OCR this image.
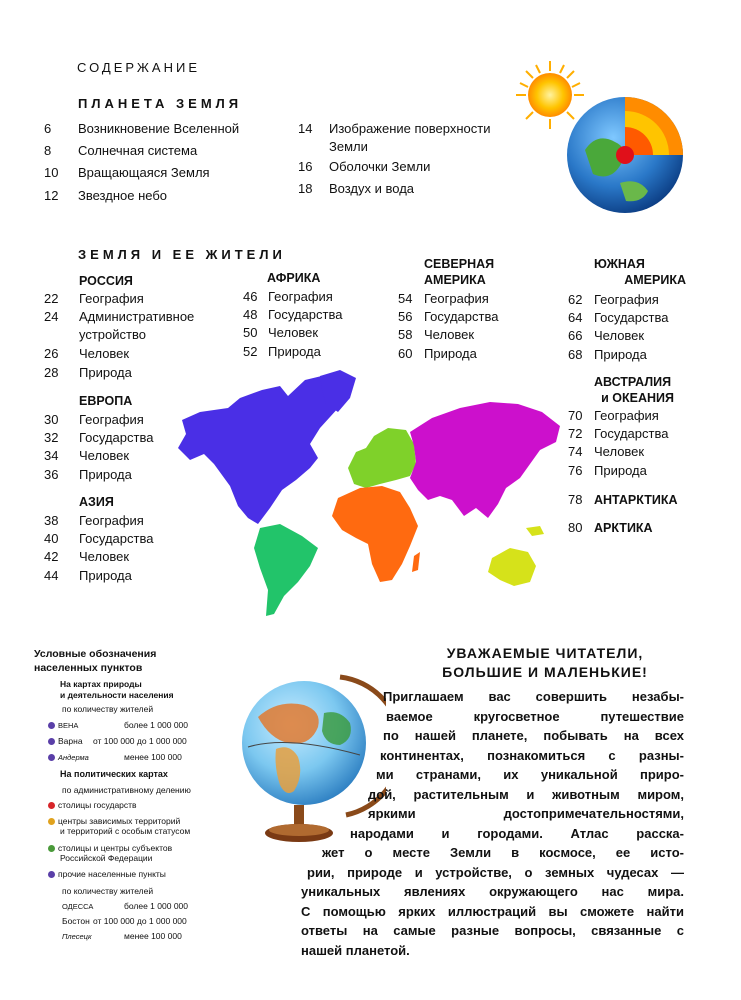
СОДЕРЖАНИЕ
ПЛАНЕТА ЗЕМЛЯ
6 Возникновение Вселенной
8 Солнечная система
10 Вращающаяся Земля
12 Звездное небо
14 Изображение поверхности
Земли
16 Оболочки Земли
18 Воздух и вода
ЗЕМЛЯ И ЕЕ ЖИТЕЛИ
РОССИЯ
22 География
24 Административное
устройство
26 Человек
28 Природа
ЕВРОПА
30 География
32 Государства
34 Человек
36 Природа
АЗИЯ
38 География
40 Государства
42 Человек
44 Природа
АФРИКА
46 География
48 Государства
50 Человек
52 Природа
СЕВЕРНАЯ
АМЕРИКА
54 География
56 Государства
58 Человек
60 Природа
ЮЖНАЯ
АМЕРИКА
62 География
64 Государства
66 Человек
68 Природа
АВСТРАЛИЯ
и ОКЕАНИЯ
70 География
72 Государства
74 Человек
76 Природа
78 АНТАРКТИКА
80 АРКТИКА
Условные обозначения
населенных пунктов
На картах природы
и деятельности населения
по количеству жителей
ВЕНА	более 1 000 000
Варна от 100 000 до 1 000 000
Андерма	менее 100 000
На политических картах
по административному делению
столицы государств
центры зависимых территорий
и территорий с особым статусом
столицы и центры субъектов
Российской Федерации
прочие населенные пункты
по количеству жителей
ОДЕССА	более 1 000 000
Бостон от 100 000 до 1 000 000
Плесецк	менее 100 000
УВАЖАЕМЫЕ ЧИТАТЕЛИ,
БОЛЬШИЕ И МАЛЕНЬКИЕ!
Приглашаем вас совершить незабы-
ваемое кругосветное путешествие
по нашей планете, побывать на всех
континентах, познакомиться с разны-
ми странами, их уникальной приро-
дой, растительным и животным миром,
яркими достопримечательностями,
народами и городами. Атлас расска-
жет о месте Земли в космосе, ее исто-
рии, природе и устройстве, о земных чудесах —
уникальных явлениях окружающего нас мира.
С помощью ярких иллюстраций вы сможете найти
ответы на самые разные вопросы, связанные с
нашей планетой.
